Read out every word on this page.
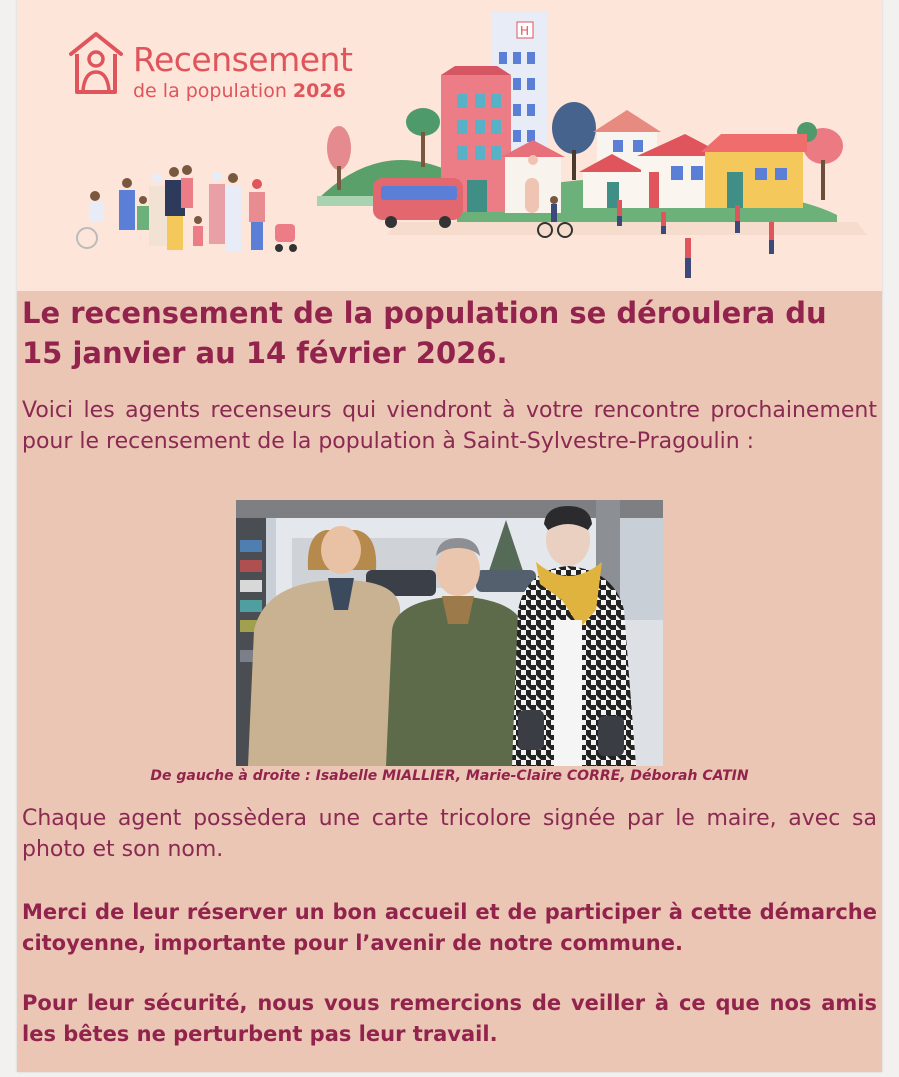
H
Recensement
de la population 2026
Le recensement de la population se déroulera du 15 janvier au 14 février 2026.

Voici les agents recenseurs qui viendront à votre rencontre prochainement pour le recensement de la population à Saint-Sylvestre-Pragoulin :

De gauche à droite : Isabelle MIALLIER, Marie-Claire CORRE, Déborah CATIN

Chaque agent possèdera une carte tricolore signée par le maire, avec sa photo et son nom.

Merci de leur réserver un bon accueil et de participer à cette démarche citoyenne, importante pour l’avenir de notre commune.

Pour leur sécurité, nous vous remercions de veiller à ce que nos amis les bêtes ne perturbent pas leur travail.
